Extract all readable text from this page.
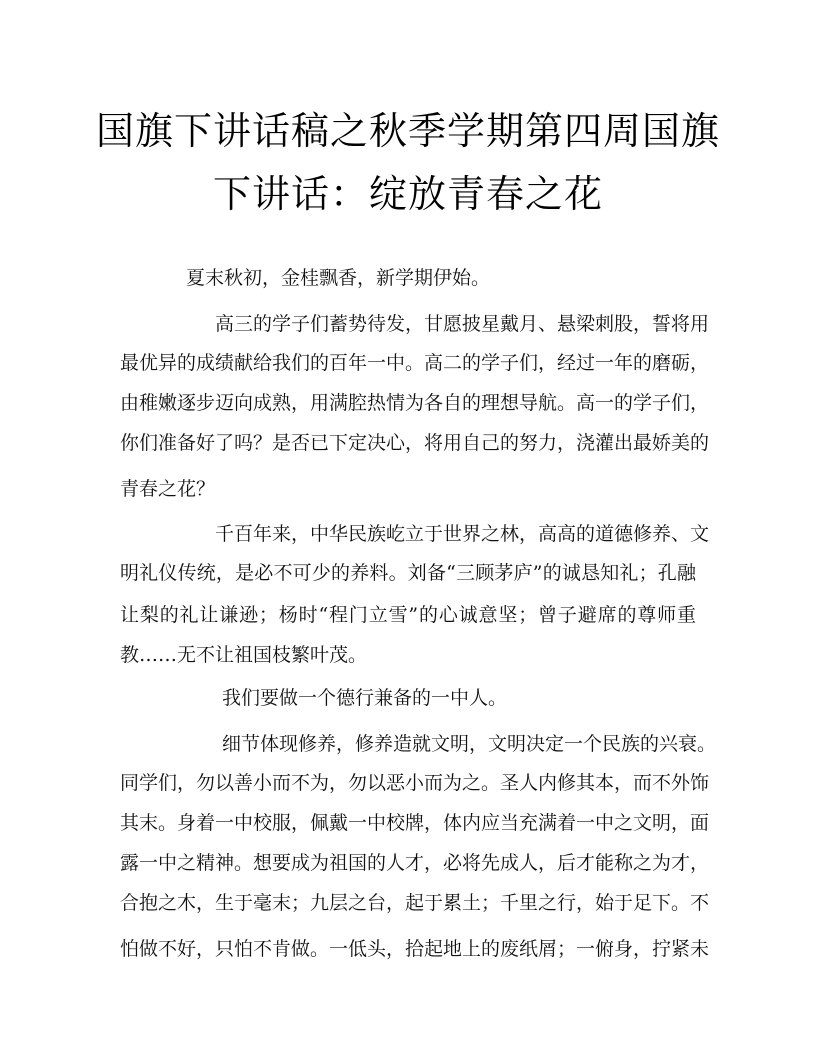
国旗下讲话稿之秋季学期第四周国旗
下讲话：绽放青春之花
夏末秋初，金桂飘香，新学期伊始。
高三的学子们蓄势待发，甘愿披星戴月、悬梁刺股，誓将用
最优异的成绩献给我们的百年一中。高二的学子们，经过一年的磨砺，
由稚嫩逐步迈向成熟，用满腔热情为各自的理想导航。高一的学子们，
你们准备好了吗？是否已下定决心，将用自己的努力，浇灌出最娇美的
青春之花？
千百年来，中华民族屹立于世界之林，高高的道德修养、文
明礼仪传统，是必不可少的养料。刘备“三顾茅庐”的诚恳知礼；孔融
让梨的礼让谦逊；杨时“程门立雪”的心诚意坚；曾子避席的尊师重
教……无不让祖国枝繁叶茂。
我们要做一个德行兼备的一中人。
细节体现修养，修养造就文明，文明决定一个民族的兴衰。
同学们，勿以善小而不为，勿以恶小而为之。圣人内修其本，而不外饰
其末。身着一中校服，佩戴一中校牌，体内应当充满着一中之文明，面
露一中之精神。想要成为祖国的人才，必将先成人，后才能称之为才，
合抱之木，生于毫末；九层之台，起于累土；千里之行，始于足下。不
怕做不好，只怕不肯做。一低头，拾起地上的废纸屑；一俯身，拧紧未
